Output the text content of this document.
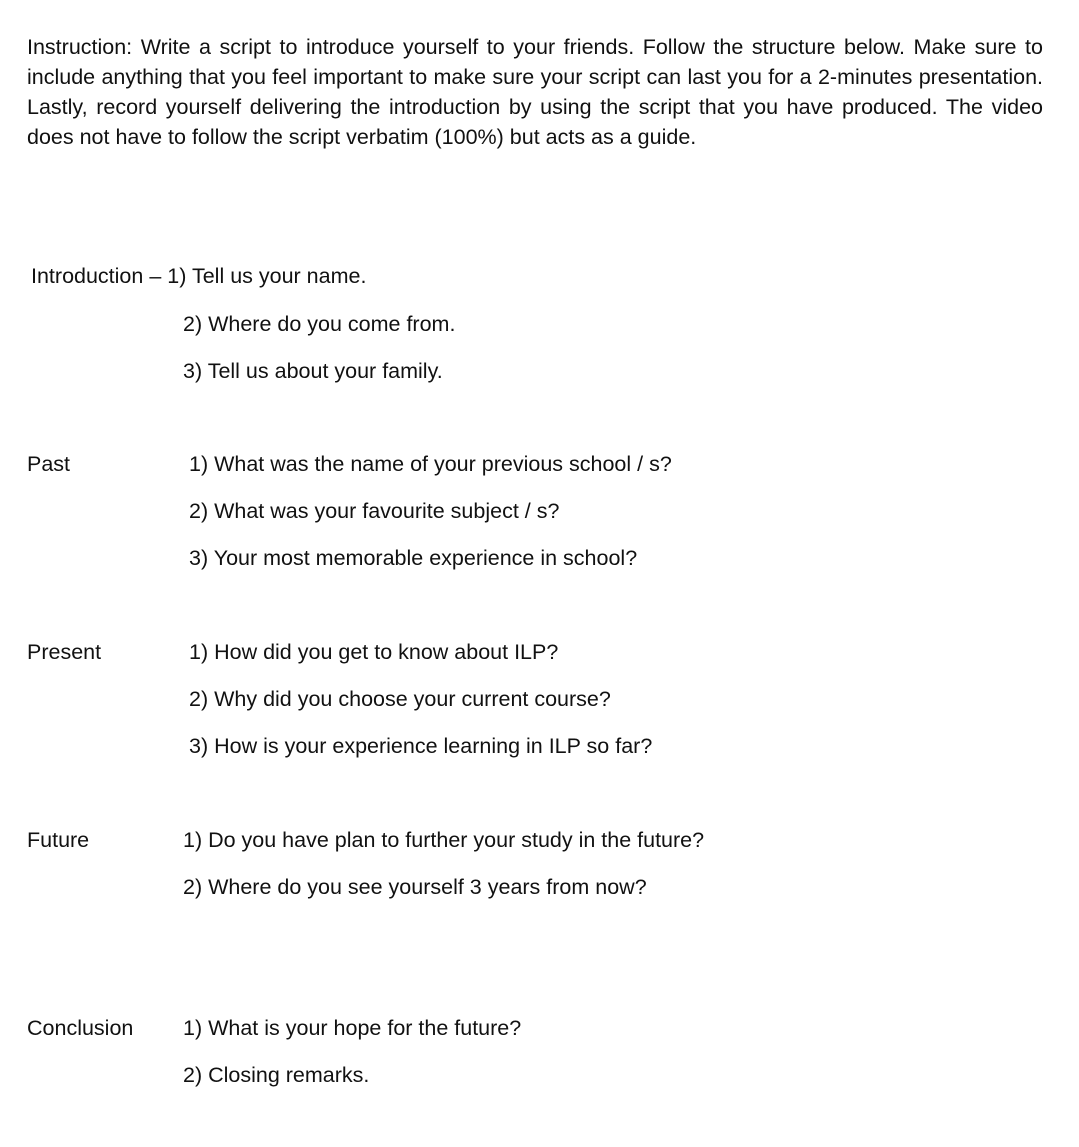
Instruction: Write a script to introduce yourself to your friends. Follow the structure below. Make sure to include anything that you feel important to make sure your script can last you for a 2-minutes presentation. Lastly, record yourself delivering the introduction by using the script that you have produced. The video does not have to follow the script verbatim (100%) but acts as a guide.

Introduction – 1) Tell us your name.
2) Where do you come from.
3) Tell us about your family.
Past	1) What was the name of your previous school / s?
2) What was your favourite subject / s?
3) Your most memorable experience in school?
Present	1) How did you get to know about ILP?
2) Why did you choose your current course?
3) How is your experience learning in ILP so far?
Future	1) Do you have plan to further your study in the future?
2) Where do you see yourself 3 years from now?
Conclusion 1) What is your hope for the future?
2) Closing remarks.
